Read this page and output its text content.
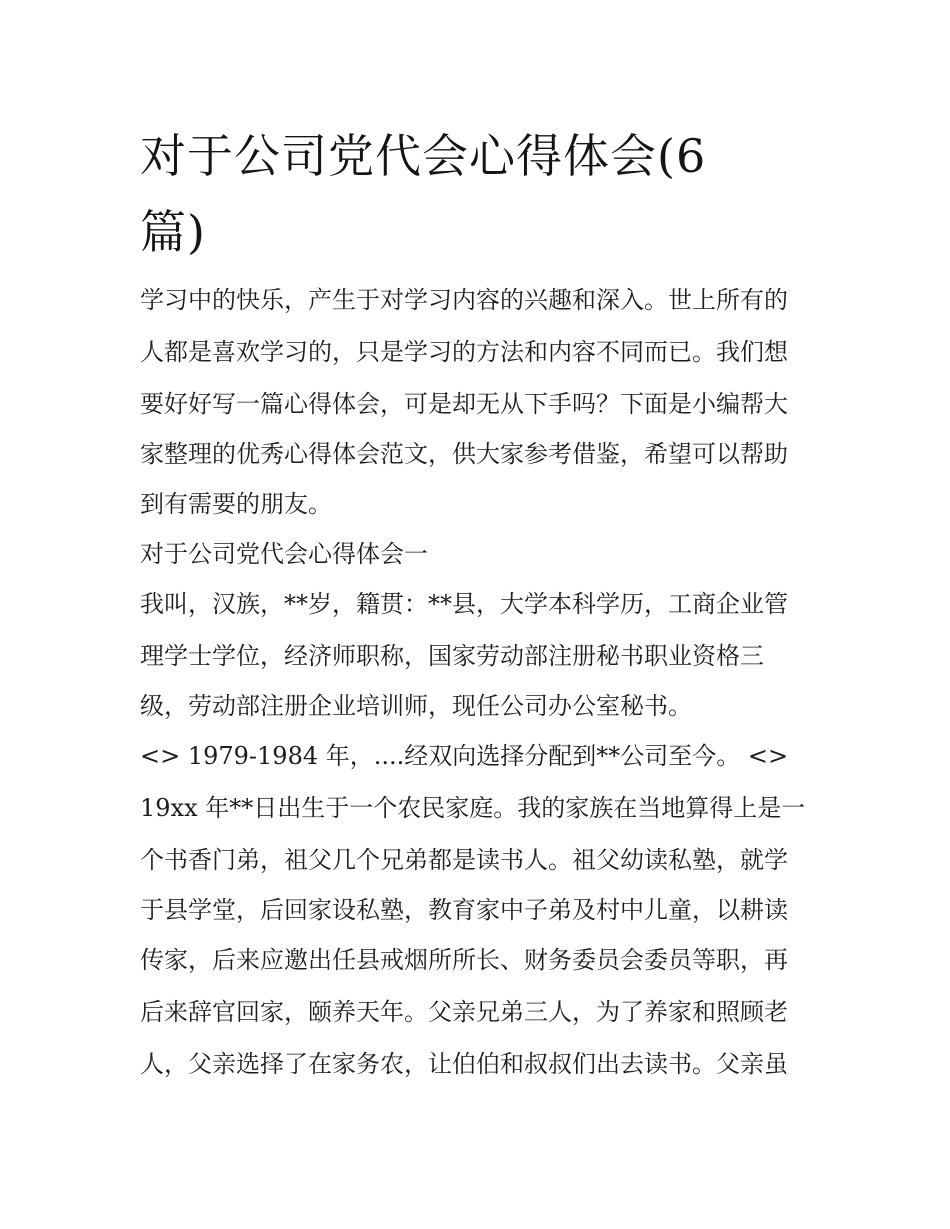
对于公司党代会心得体会(6
篇)

学习中的快乐，产生于对学习内容的兴趣和深入。世上所有的

人都是喜欢学习的，只是学习的方法和内容不同而已。我们想

要好好写一篇心得体会，可是却无从下手吗？下面是小编帮大

家整理的优秀心得体会范文，供大家参考借鉴，希望可以帮助

到有需要的朋友。

对于公司党代会心得体会一

我叫，汉族，**岁，籍贯：**县，大学本科学历，工商企业管

理学士学位，经济师职称，国家劳动部注册秘书职业资格三

级，劳动部注册企业培训师，现任公司办公室秘书。

<> 1979-1984 年，....经双向选择分配到**公司至今。 <>

19xx 年**日出生于一个农民家庭。我的家族在当地算得上是一

个书香门弟，祖父几个兄弟都是读书人。祖父幼读私塾，就学

于县学堂，后回家设私塾，教育家中子弟及村中儿童，以耕读

传家，后来应邀出任县戒烟所所长、财务委员会委员等职，再

后来辞官回家，颐养天年。父亲兄弟三人，为了养家和照顾老

人，父亲选择了在家务农，让伯伯和叔叔们出去读书。父亲虽
